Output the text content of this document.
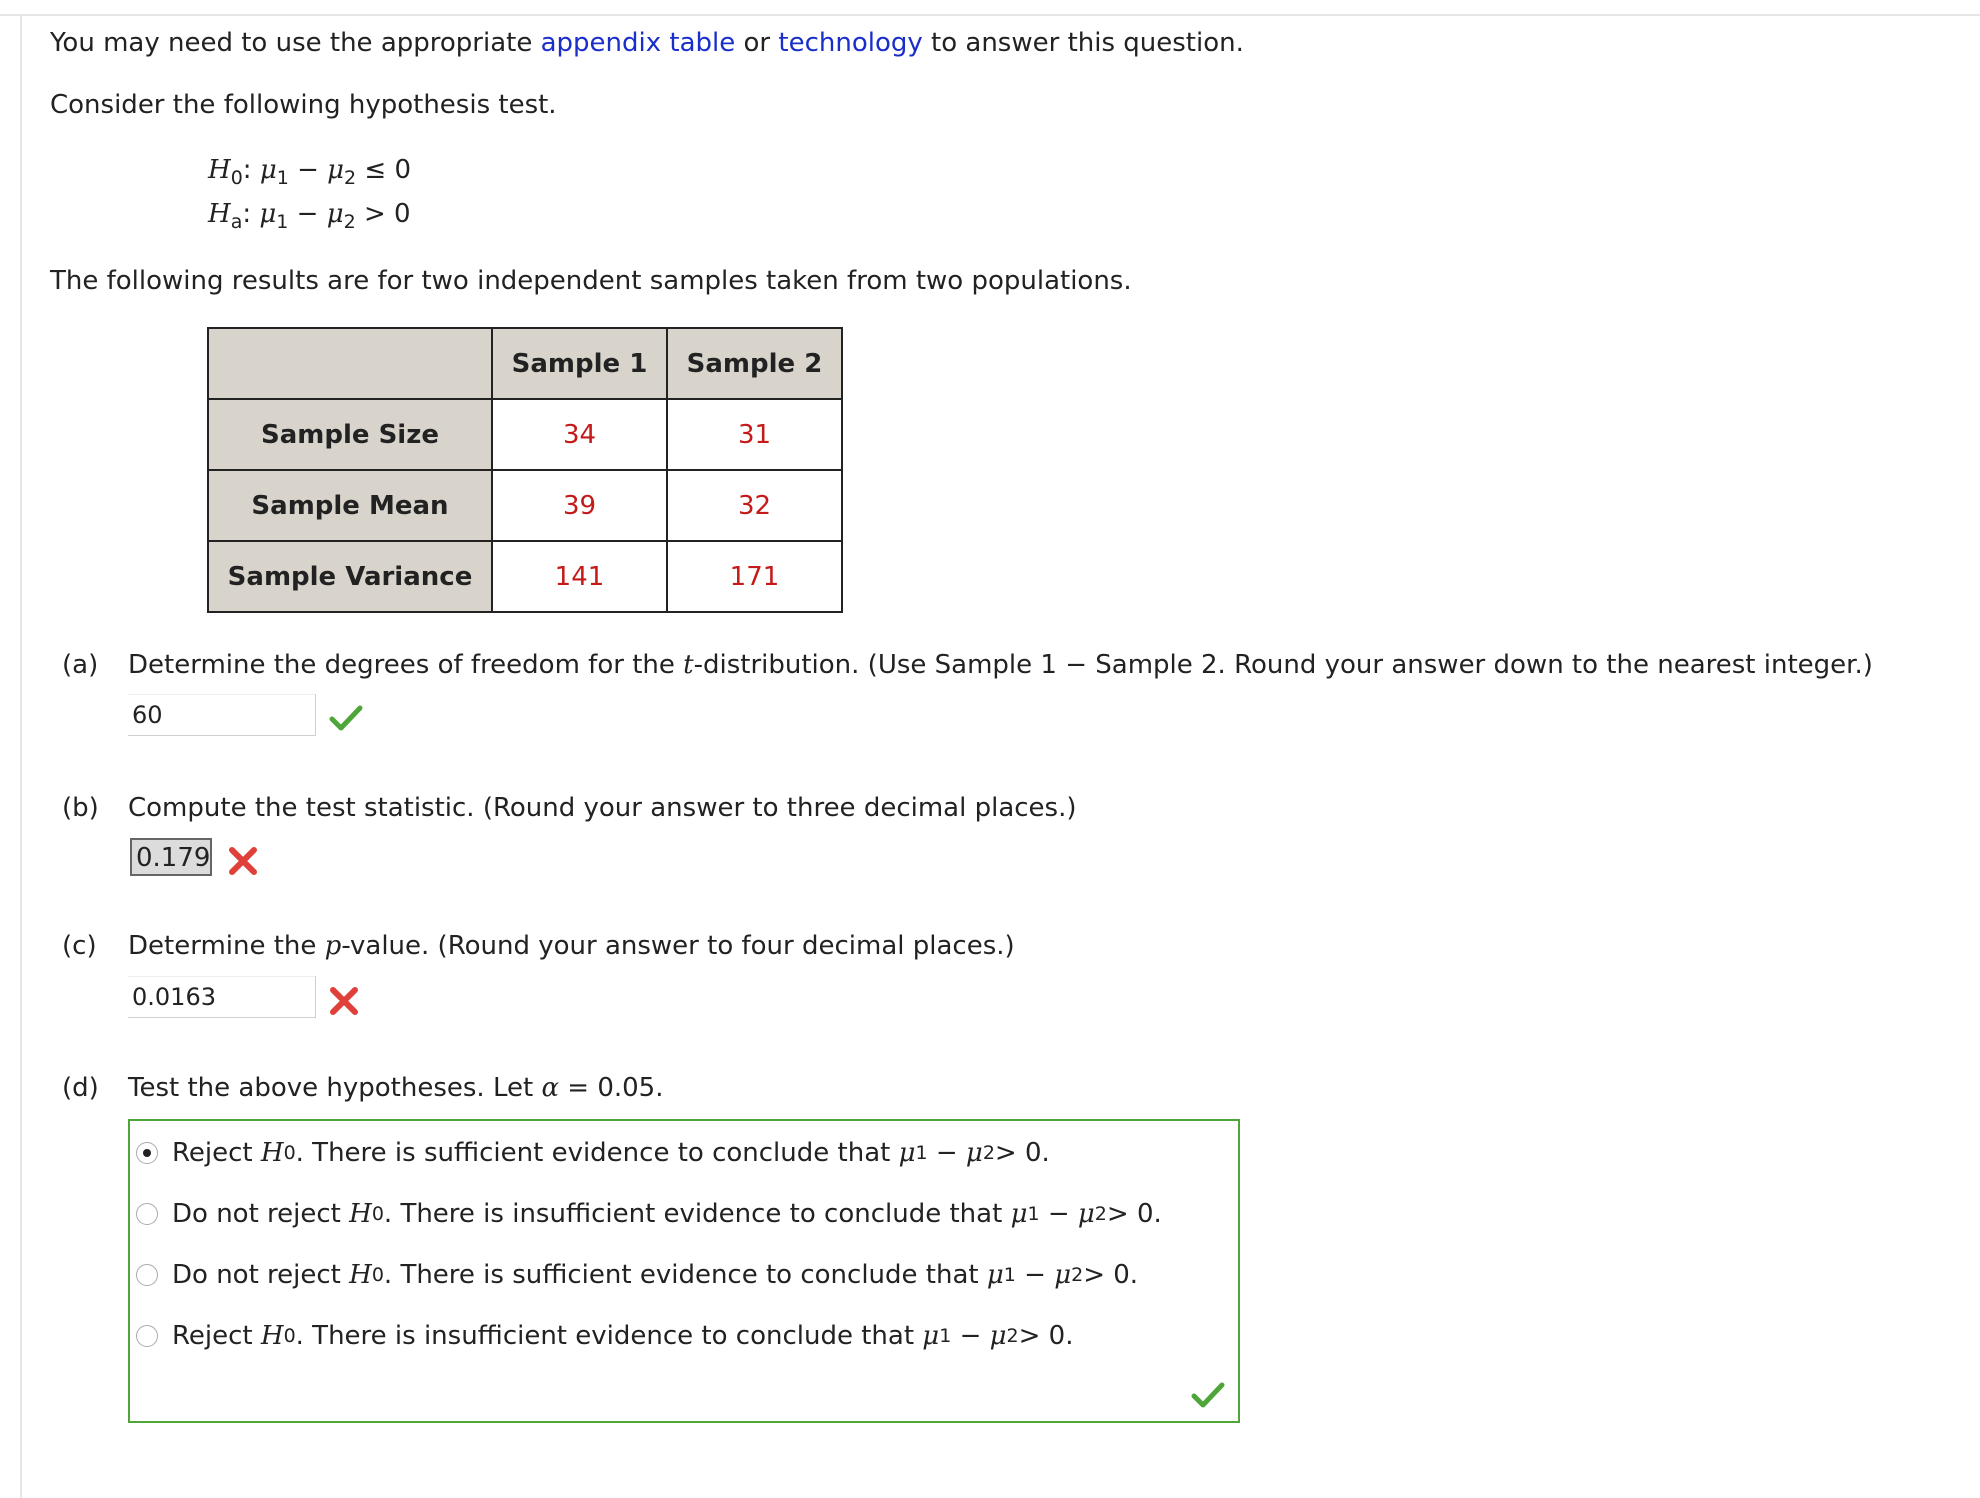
You may need to use the appropriate appendix table or technology to answer this question.
Consider the following hypothesis test.
$H_0$: $\mu_1 - \mu_2 \le 0$
$H_a$: $\mu_1 - \mu_2 > 0$
The following results are for two independent samples taken from two populations.
	Sample 1	Sample 2
Sample Size	34	31
Sample Mean	39	32
Sample Variance	141	171
(a) Determine the degrees of freedom for the t-distribution. (Use Sample 1 − Sample 2. Round your answer down to the nearest integer.)
60
(b) Compute the test statistic. (Round your answer to three decimal places.)
0.179
(c) Determine the p-value. (Round your answer to four decimal places.)
0.0163
(d) Test the above hypotheses. Let α = 0.05.
Reject
H 0 . There is sufficient evidence to conclude that
μ 1
−
μ 2 > 0.
Do not reject
H 0 . There is insufficient evidence to conclude that
μ 1
−
μ 2 > 0.
Do not reject
H 0 . There is sufficient evidence to conclude that
μ 1
−
μ 2 > 0.
Reject
H 0 . There is insufficient evidence to conclude that
μ 1
−
μ 2 > 0.
